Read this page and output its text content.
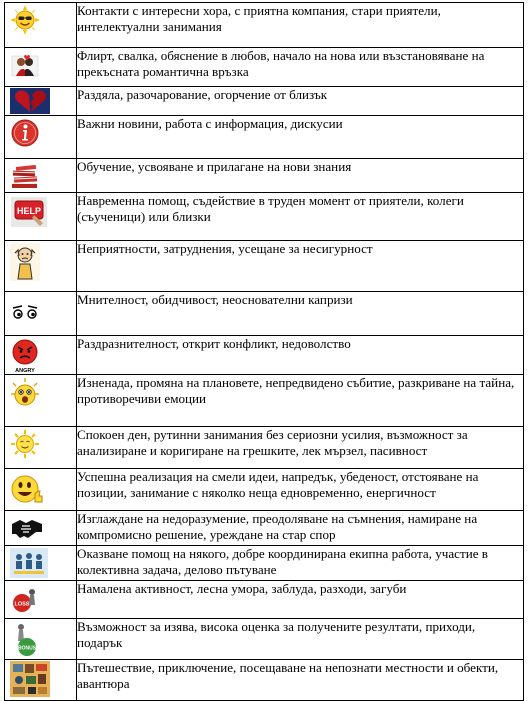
	Контакти с интересни хора, с приятна компания, стари приятели, интелектуални занимания

	Флирт, свалка, обяснение в любов, начало на нова или възстановяване на прекъсната романтична връзка

	Раздяла, разочарование, огорчение от близък

	Важни новини, работа с информация, дискусии

	Обучение, усвояване и прилагане на нови знания

HELP	Навременна помощ, съдействие в труден момент от приятели, колеги (съученици) или близки

	Неприятности, затруднения, усещане за несигурност

	Мнителност, обидчивост, неоснователни капризи

ANGRY	Раздразнителност, открит конфликт, недоволство

	Изненада, промяна на плановете, непредвидено събитие, разкриване на тайна, противоречиви емоции

	Спокоен ден, рутинни занимания без сериозни усилия, възможност за анализиране и коригиране на грешките, лек мързел, пасивност

	Успешна реализация на смели идеи, напредък, убеденост, отстояване на позиции, занимание с няколко неща едновременно, енергичност

	Изглаждане на недоразумение, преодоляване на съмнения, намиране на компромисно решение, уреждане на стар спор

	Оказване помощ на някого, добре координирана екипна работа, участие в колективна задача, делово пътуване

LOSS	Намалена активност, лесна умора, заблуда, разходи, загуби

BONUS	Възможност за изява, висока оценка за получените резултати, приходи, подарък

	Пътешествие, приключение, посещаване на непознати местности и обекти, авантюра
